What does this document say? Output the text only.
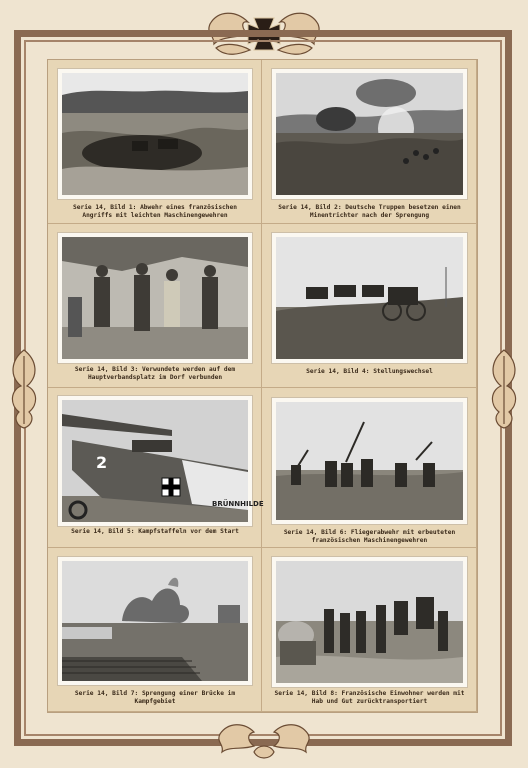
Serie 14, Bild 1: Abwehr eines französischen Angriffs mit leichten Maschinengewehren
Serie 14, Bild 2: Deutsche Truppen besetzen einen Minentrichter nach der Sprengung
Serie 14, Bild 3: Verwundete werden auf dem Hauptverbandsplatz im Dorf verbunden
Serie 14, Bild 4: Stellungswechsel
2
BRÜNNHILDE
Serie 14, Bild 5: Kampfstaffeln vor dem Start	Serie 14, Bild 6: Fliegerabwehr mit erbeuteten französischen Maschinengewehren
Serie 14, Bild 7: Sprengung einer Brücke im Kampfgebiet
Serie 14, Bild 8: Französische Einwohner werden mit Hab und Gut zurücktransportiert
